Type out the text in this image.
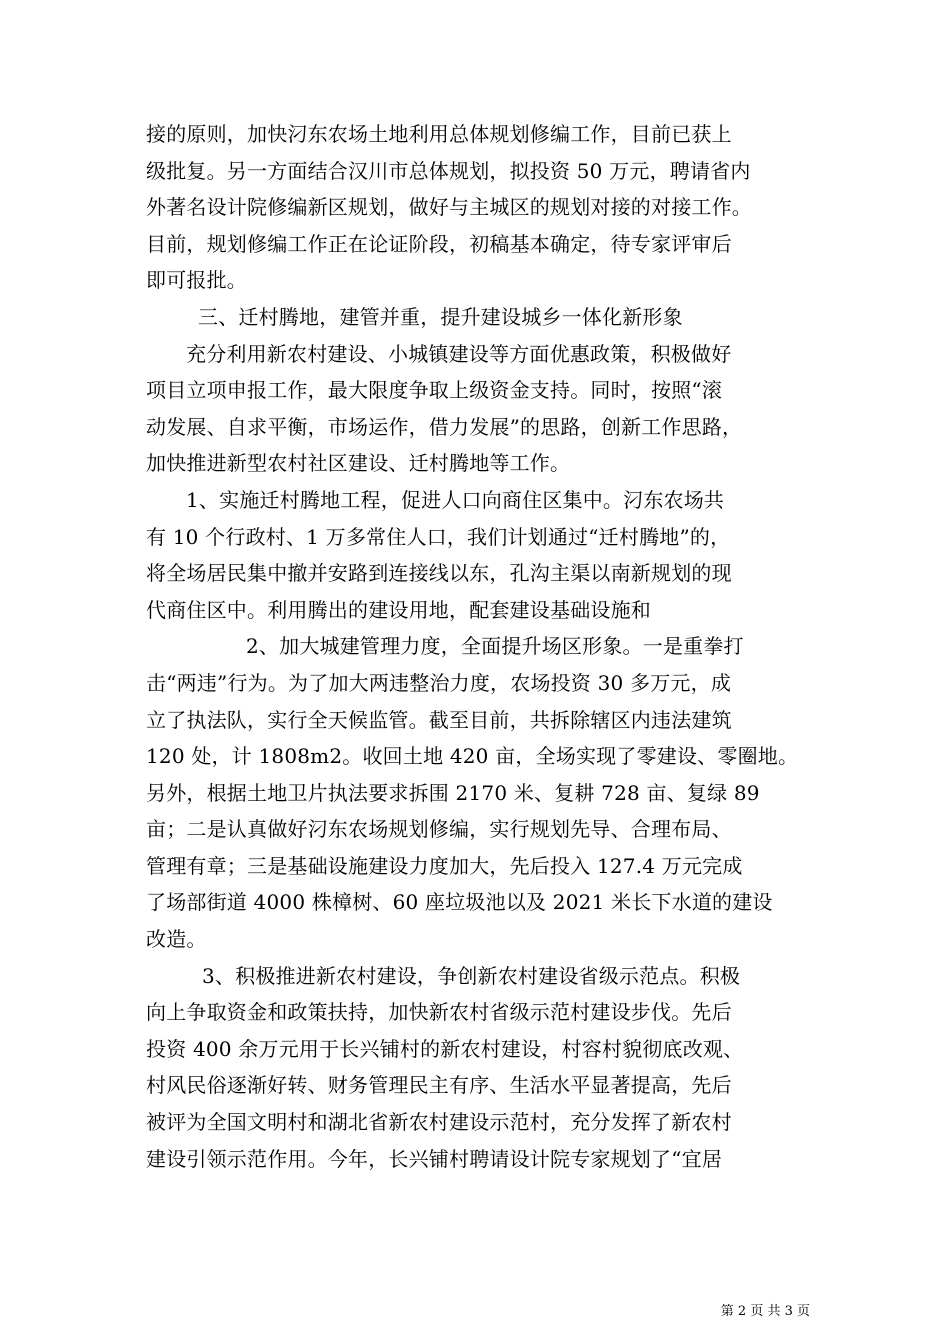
接的原则，加快汈东农场土地利用总体规划修编工作，目前已获上
级批复。另一方面结合汉川市总体规划，拟投资 50 万元，聘请省内
外著名设计院修编新区规划，做好与主城区的规划对接的对接工作。
目前，规划修编工作正在论证阶段，初稿基本确定，待专家评审后
即可报批。
三、迁村腾地，建管并重，提升建设城乡一体化新形象
充分利用新农村建设、小城镇建设等方面优惠政策，积极做好
项目立项申报工作，最大限度争取上级资金支持。同时，按照“滚
动发展、自求平衡，市场运作，借力发展”的思路，创新工作思路，
加快推进新型农村社区建设、迁村腾地等工作。
1、实施迁村腾地工程，促进人口向商住区集中。汈东农场共
有 10 个行政村、1 万多常住人口，我们计划通过“迁村腾地”的，
将全场居民集中撤并安路到连接线以东，孔沟主渠以南新规划的现
代商住区中。利用腾出的建设用地，配套建设基础设施和
2、加大城建管理力度，全面提升场区形象。一是重拳打
击“两违”行为。为了加大两违整治力度，农场投资 30 多万元，成
立了执法队，实行全天候监管。截至目前，共拆除辖区内违法建筑
120 处，计 1808m2。收回土地 420 亩，全场实现了零建设、零圈地。
另外，根据土地卫片执法要求拆围 2170 米、复耕 728 亩、复绿 89
亩；二是认真做好汈东农场规划修编，实行规划先导、合理布局、
管理有章；三是基础设施建设力度加大，先后投入 127.4 万元完成
了场部街道 4000 株樟树、60 座垃圾池以及 2021 米长下水道的建设
改造。
3、积极推进新农村建设，争创新农村建设省级示范点。积极
向上争取资金和政策扶持，加快新农村省级示范村建设步伐。先后
投资 400 余万元用于长兴铺村的新农村建设，村容村貌彻底改观、
村风民俗逐渐好转、财务管理民主有序、生活水平显著提高，先后
被评为全国文明村和湖北省新农村建设示范村，充分发挥了新农村
建设引领示范作用。今年，长兴铺村聘请设计院专家规划了“宜居
第 2 页 共 3 页
